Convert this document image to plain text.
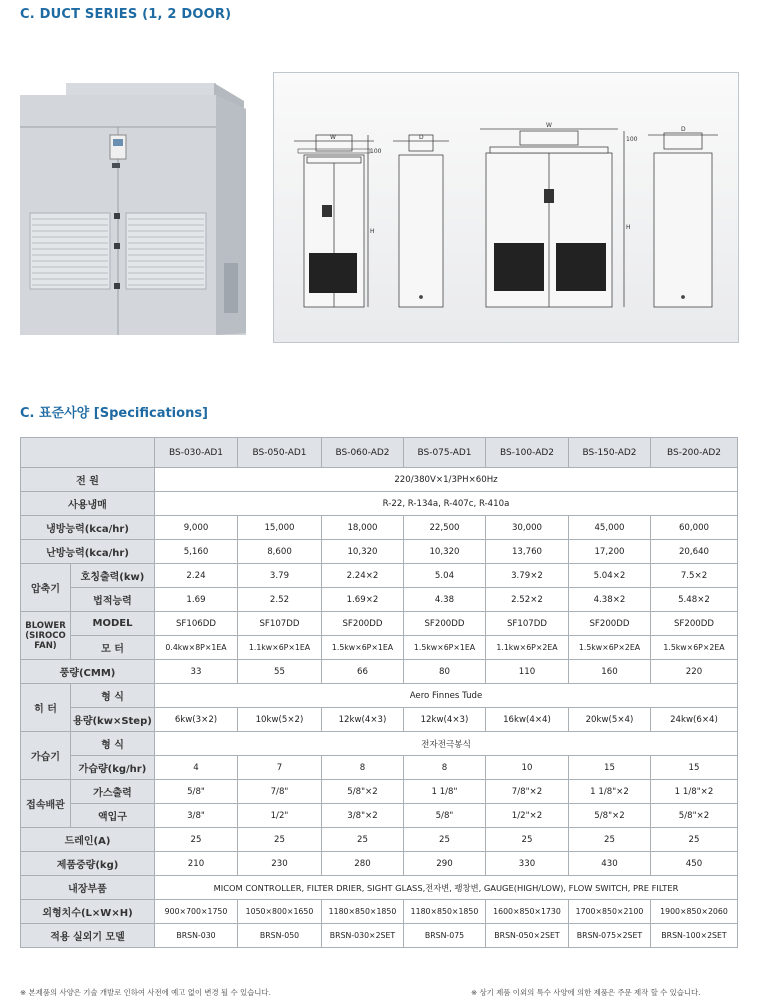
C. DUCT SERIES (1, 2 DOOR)
W	D
W
D
H
H
100
100
C. 표준사양 [Specifications]
		BS-030-AD1	BS-050-AD1	BS-060-AD2	BS-075-AD1	BS-100-AD2	BS-150-AD2	BS-200-AD2
전 원		220/380V×1/3PH×60Hz						
사용냉매		R-22, R-134a, R-407c, R-410a						
냉방능력(kca/hr)		9,000	15,000	18,000	22,500	30,000	45,000	60,000
난방능력(kca/hr)		5,160	8,600	10,320	10,320	13,760	17,200	20,640
압축기	호칭출력(kw)	2.24	3.79	2.24×2	5.04	3.79×2	5.04×2	7.5×2
	법적능력	1.69	2.52	1.69×2	4.38	2.52×2	4.38×2	5.48×2

BLOWER
(SIROCO
FAN)	MODEL	SF106DD	SF107DD	SF200DD	SF200DD	SF107DD	SF200DD	SF200DD
	모 터	0.4kw×8P×1EA	1.1kw×6P×1EA	1.5kw×6P×1EA	1.5kw×6P×1EA	1.1kw×6P×2EA	1.5kw×6P×2EA	1.5kw×6P×2EA
풍량(CMM)		33	55	66	80	110	160	220
히 터	형 식	Aero Finnes Tude						
	용량(kw×Step)	6kw(3×2)	10kw(5×2)	12kw(4×3)	12kw(4×3)	16kw(4×4)	20kw(5×4)	24kw(6×4)
가습기	형 식	전자전극봉식						
	가습량(kg/hr)	4	7	8	8	10	15	15
접속배관	가스출력	5/8"	7/8"	5/8"×2	1 1/8"	7/8"×2	1 1/8"×2	1 1/8"×2
	액입구	3/8"	1/2"	3/8"×2	5/8"	1/2"×2	5/8"×2	5/8"×2
드레인(A)		25	25	25	25	25	25	25
제품중량(kg)		210	230	280	290	330	430	450
내장부품		MICOM CONTROLLER, FILTER DRIER, SIGHT GLASS,전자변, 팽창변, GAUGE(HIGH/LOW), FLOW SWITCH, PRE FILTER						
외형치수(L×W×H)		900×700×1750	1050×800×1650	1180×850×1850	1180×850×1850	1600×850×1730	1700×850×2100	1900×850×2060
적용 실외기 모델		BRSN-030	BRSN-050	BRSN-030×2SET	BRSN-075	BRSN-050×2SET	BRSN-075×2SET	BRSN-100×2SET
※ 본제품의 사양은 기술 개발로 인하여 사전에 예고 없이 변경 될 수 있습니다.	※ 상기 제품 이외의 특수 사양에 의한 제품은 주문 제작 할 수 있습니다.
